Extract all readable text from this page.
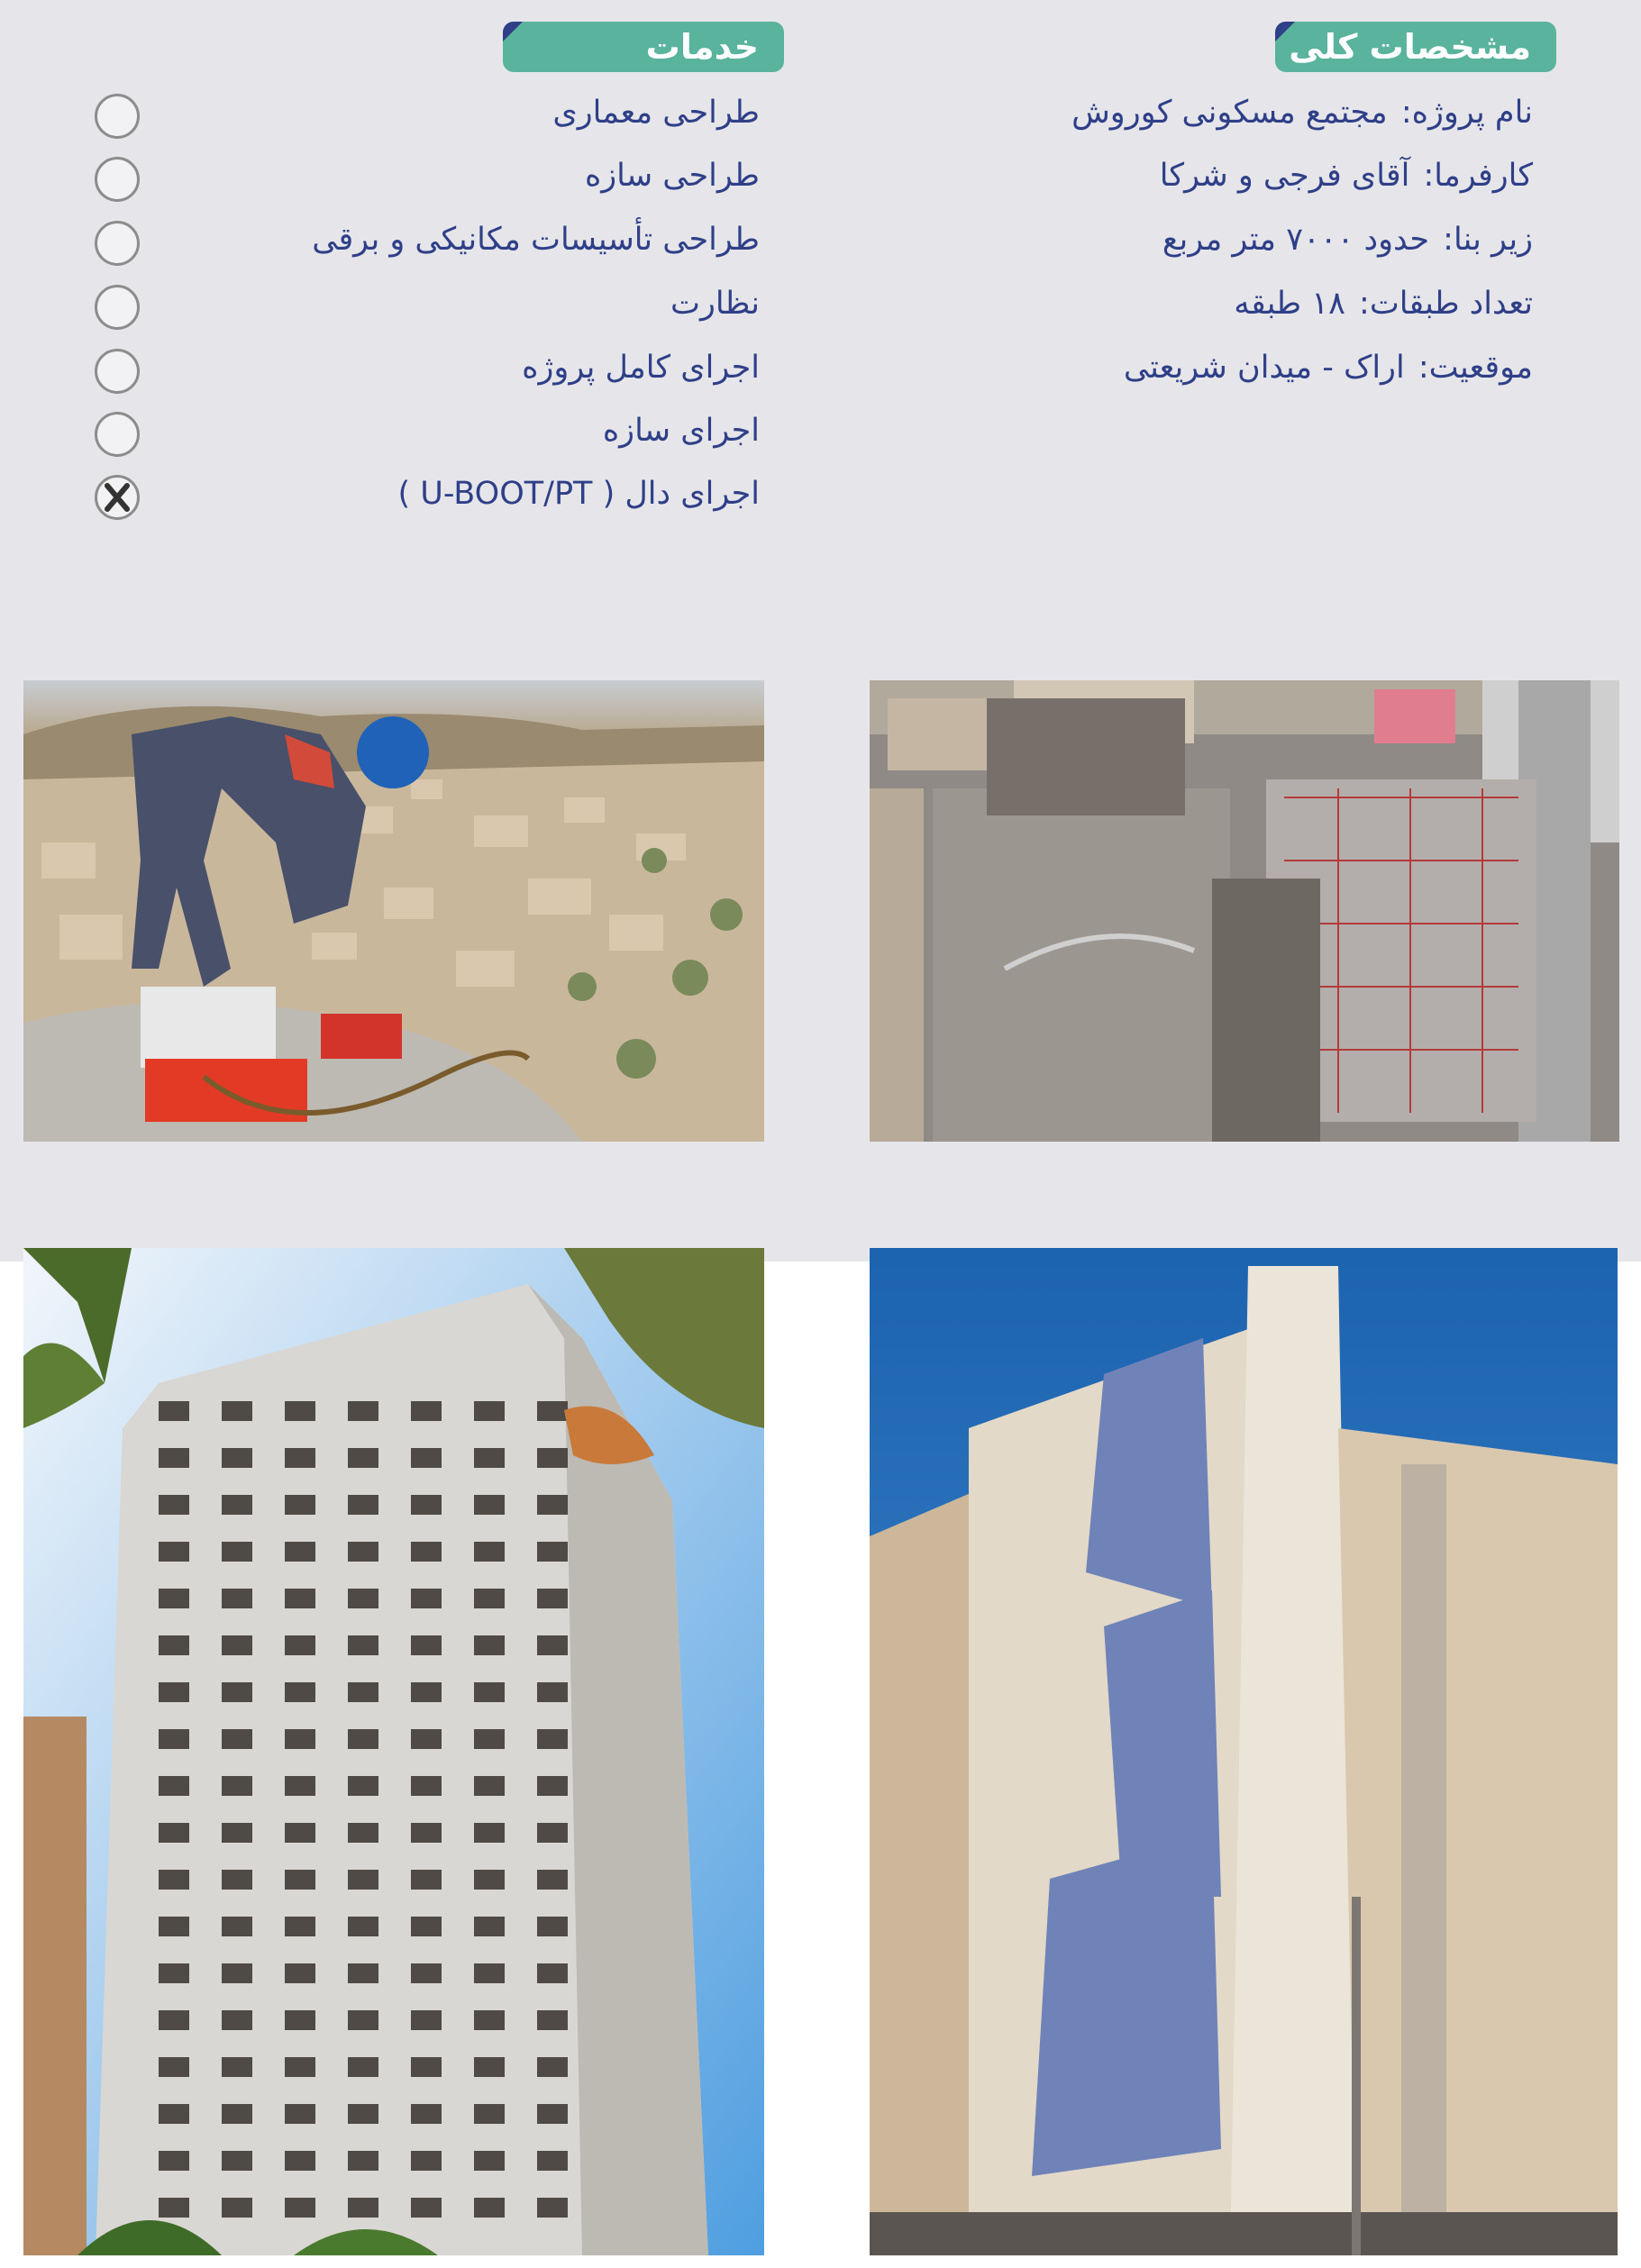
مشخصات کلی
نام پروژه: مجتمع مسکونی کوروش
کارفرما: آقای فرجی و شرکا
زیر بنا: حدود ۷۰۰۰ متر مربع
تعداد طبقات: ۱۸ طبقه
موقعیت: اراک - میدان شریعتی
خدمات
طراحی معماری
طراحی سازه
طراحی تأسیسات مکانیکی و برقی
نظارت
اجرای کامل پروژه
اجرای سازه
اجرای دال ( U-BOOT/PT )
